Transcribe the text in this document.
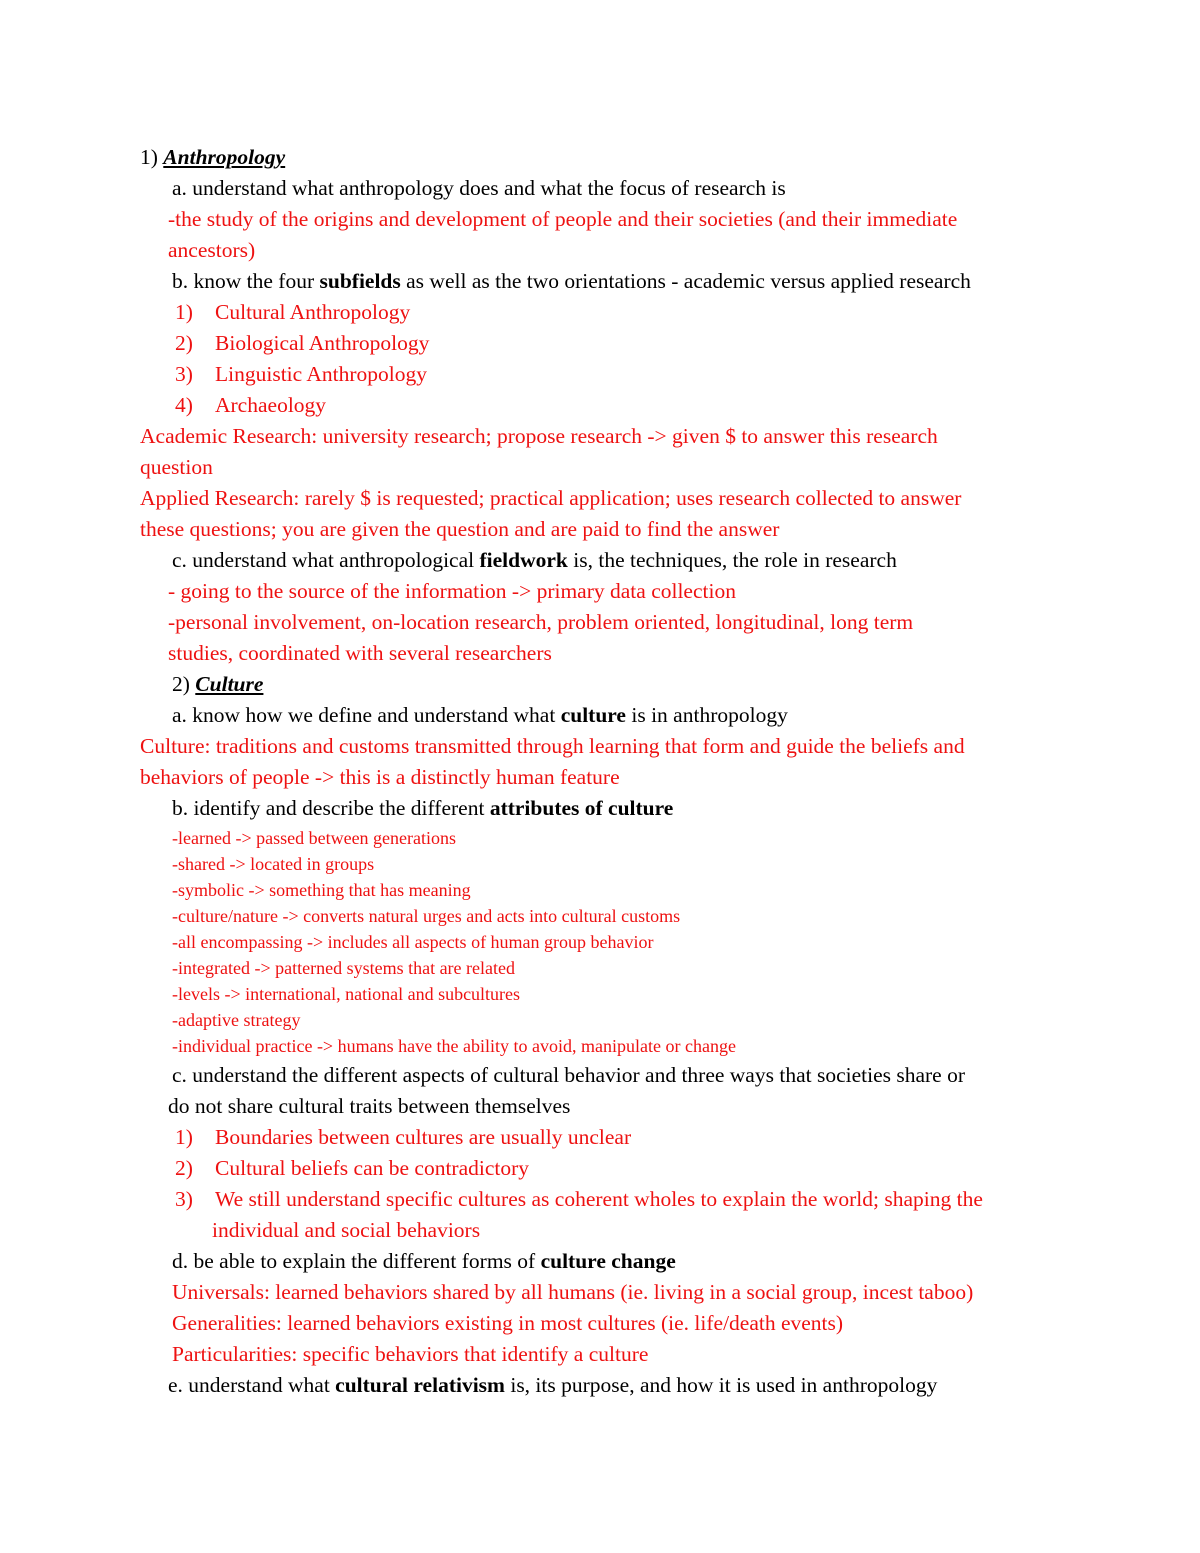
1) Anthropology
a. understand what anthropology does and what the focus of research is
-the study of the origins and development of people and their societies (and their immediate
ancestors)
b. know the four subfields as well as the two orientations - academic versus applied research
1) Cultural Anthropology
2) Biological Anthropology
3) Linguistic Anthropology
4) Archaeology
Academic Research: university research; propose research -> given $ to answer this research
question
Applied Research: rarely $ is requested; practical application; uses research collected to answer
these questions; you are given the question and are paid to find the answer
c. understand what anthropological fieldwork is, the techniques, the role in research
- going to the source of the information -> primary data collection
-personal involvement, on-location research, problem oriented, longitudinal, long term
studies, coordinated with several researchers
2) Culture
a. know how we define and understand what culture is in anthropology
Culture: traditions and customs transmitted through learning that form and guide the beliefs and
behaviors of people -> this is a distinctly human feature
b. identify and describe the different attributes of culture
-learned -> passed between generations
-shared -> located in groups
-symbolic -> something that has meaning
-culture/nature -> converts natural urges and acts into cultural customs
-all encompassing -> includes all aspects of human group behavior
-integrated -> patterned systems that are related
-levels -> international, national and subcultures
-adaptive strategy
-individual practice -> humans have the ability to avoid, manipulate or change
c. understand the different aspects of cultural behavior and three ways that societies share or
do not share cultural traits between themselves
1) Boundaries between cultures are usually unclear
2) Cultural beliefs can be contradictory
3) We still understand specific cultures as coherent wholes to explain the world; shaping the
individual and social behaviors
d. be able to explain the different forms of culture change
Universals: learned behaviors shared by all humans (ie. living in a social group, incest taboo)
Generalities: learned behaviors existing in most cultures (ie. life/death events)
Particularities: specific behaviors that identify a culture
e. understand what cultural relativism is, its purpose, and how it is used in anthropology
